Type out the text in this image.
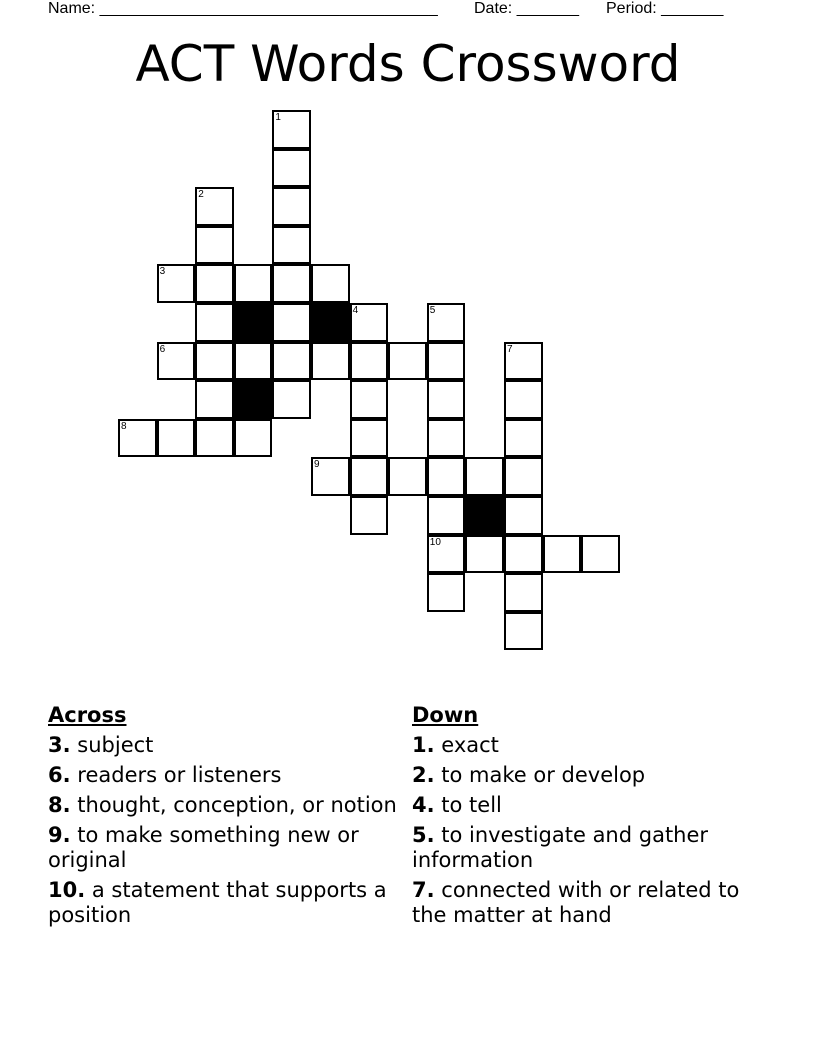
Name: ______________________________________ Date: _______ Period: _______
ACT Words Crossword
1
2
3
4	5
6	7
8
9
10
Across
3. subject
6. readers or listeners
8. thought, conception, or notion
9. to make something new or original
10. a statement that supports a position
Down
1. exact
2. to make or develop
4. to tell
5. to investigate and gather information
7. connected with or related to the matter at hand
